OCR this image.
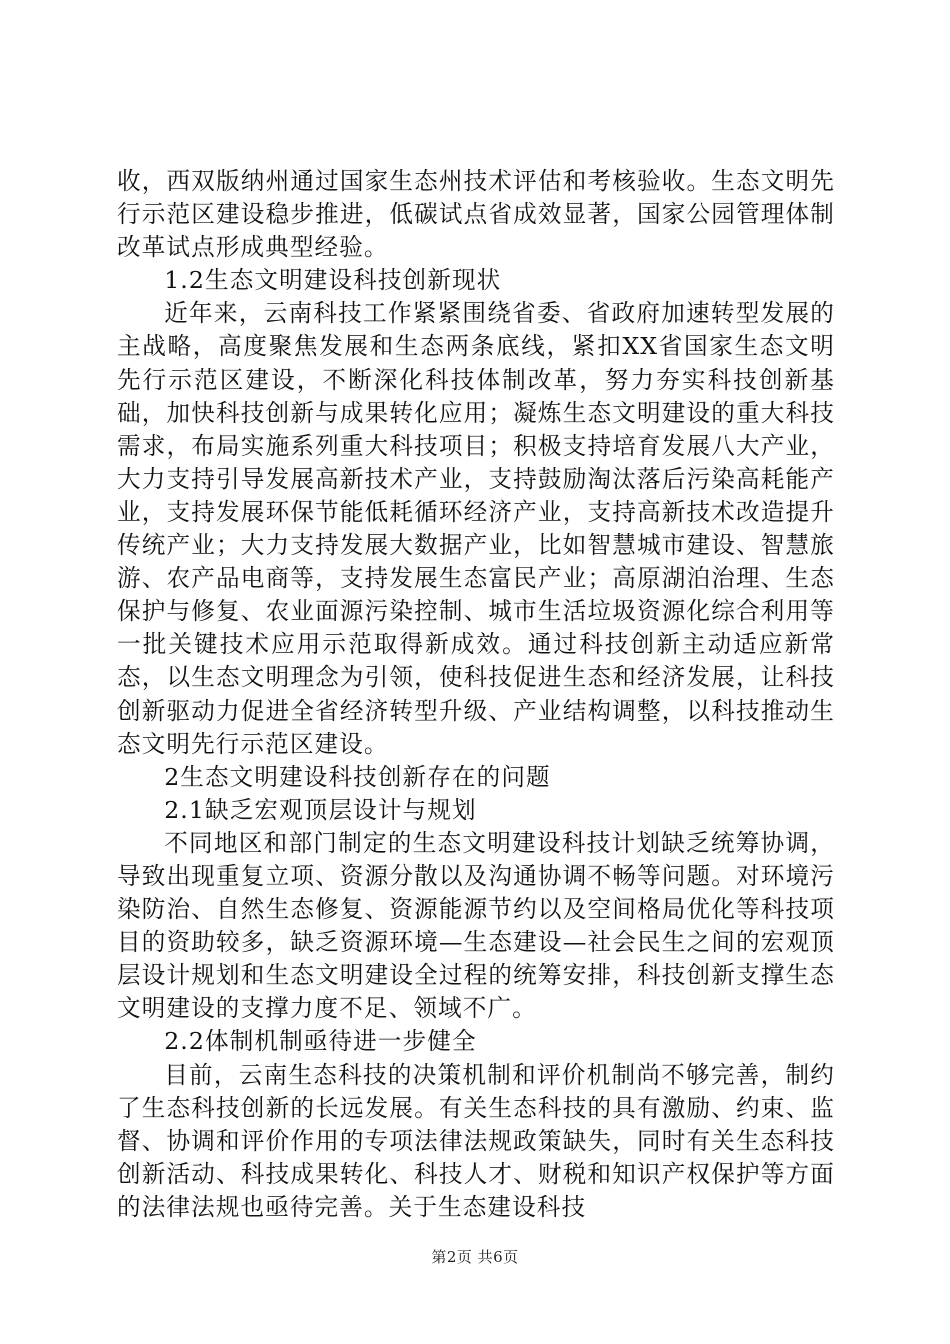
收，西双版纳州通过国家生态州技术评估和考核验收。生态文明先行示范区建设稳步推进，低碳试点省成效显著，国家公园管理体制改革试点形成典型经验。

1.2生态文明建设科技创新现状

近年来，云南科技工作紧紧围绕省委、省政府加速转型发展的主战略，高度聚焦发展和生态两条底线，紧扣XX省国家生态文明先行示范区建设，不断深化科技体制改革，努力夯实科技创新基础，加快科技创新与成果转化应用；凝炼生态文明建设的重大科技需求，布局实施系列重大科技项目；积极支持培育发展八大产业，大力支持引导发展高新技术产业，支持鼓励淘汰落后污染高耗能产业，支持发展环保节能低耗循环经济产业，支持高新技术改造提升传统产业；大力支持发展大数据产业，比如智慧城市建设、智慧旅游、农产品电商等，支持发展生态富民产业；高原湖泊治理、生态保护与修复、农业面源污染控制、城市生活垃圾资源化综合利用等一批关键技术应用示范取得新成效。通过科技创新主动适应新常态，以生态文明理念为引领，使科技促进生态和经济发展，让科技创新驱动力促进全省经济转型升级、产业结构调整，以科技推动生态文明先行示范区建设。

2生态文明建设科技创新存在的问题

2.1缺乏宏观顶层设计与规划

不同地区和部门制定的生态文明建设科技计划缺乏统筹协调，导致出现重复立项、资源分散以及沟通协调不畅等问题。对环境污染防治、自然生态修复、资源能源节约以及空间格局优化等科技项目的资助较多，缺乏资源环境—生态建设—社会民生之间的宏观顶层设计规划和生态文明建设全过程的统筹安排，科技创新支撑生态文明建设的支撑力度不足、领域不广。

2.2体制机制亟待进一步健全

目前，云南生态科技的决策机制和评价机制尚不够完善，制约了生态科技创新的长远发展。有关生态科技的具有激励、约束、监督、协调和评价作用的专项法律法规政策缺失，同时有关生态科技创新活动、科技成果转化、科技人才、财税和知识产权保护等方面的法律法规也亟待完善。关于生态建设科技

第2页 共6页
